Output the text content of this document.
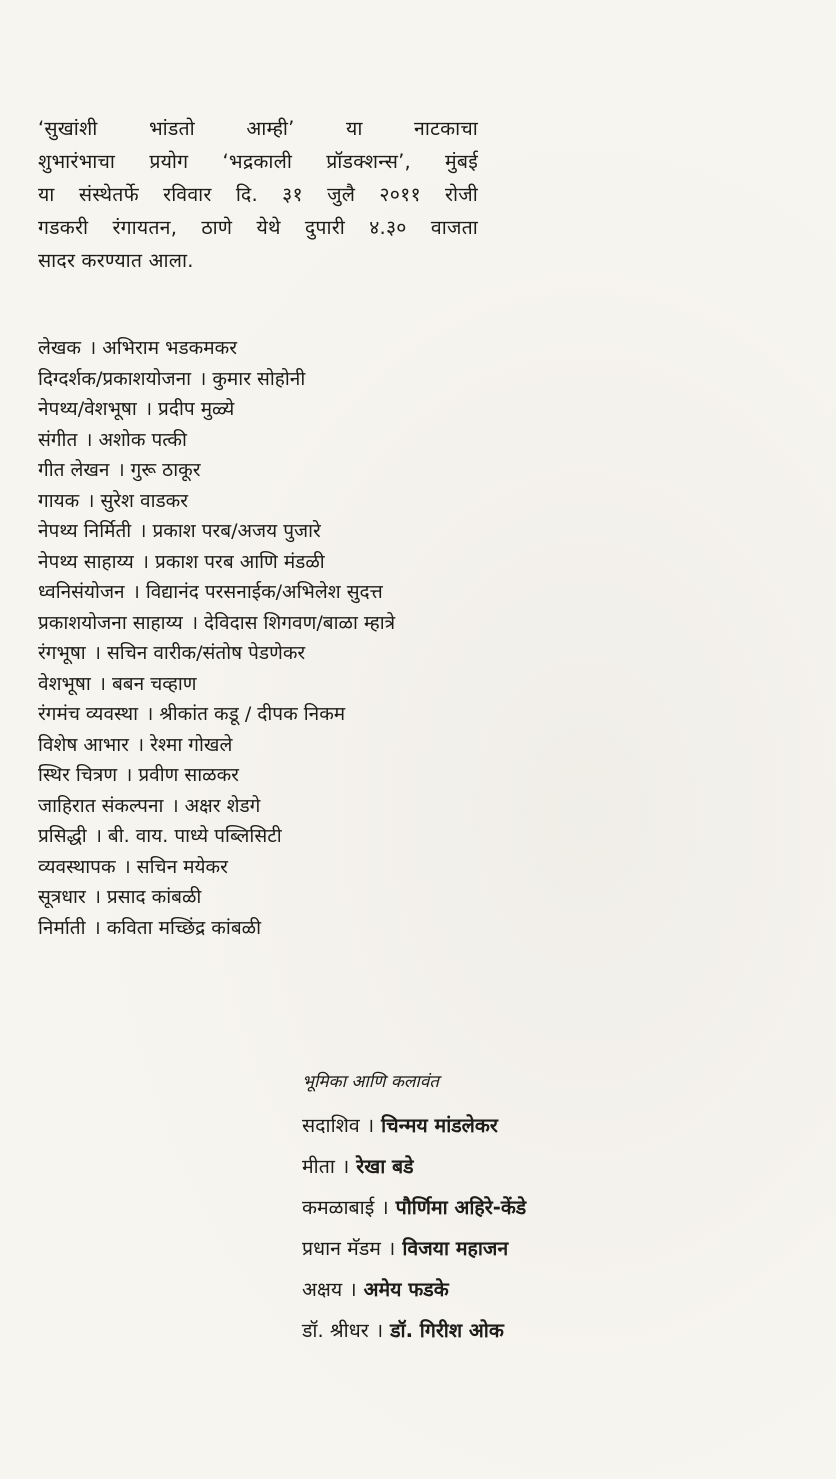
‘सुखांशी भांडतो आम्ही’ या नाटकाचा
शुभारंभाचा प्रयोग ‘भद्रकाली प्रॉडक्शन्स’, मुंबई
या संस्थेतर्फे रविवार दि. ३१ जुलै २०११ रोजी
गडकरी रंगायतन, ठाणे येथे दुपारी ४.३० वाजता
सादर करण्यात आला.
लेखक । अभिराम भडकमकर
दिग्दर्शक/प्रकाशयोजना । कुमार सोहोनी
नेपथ्य/वेशभूषा । प्रदीप मुळ्ये
संगीत । अशोक पत्की
गीत लेखन । गुरू ठाकूर
गायक । सुरेश वाडकर
नेपथ्य निर्मिती । प्रकाश परब/अजय पुजारे
नेपथ्य साहाय्य । प्रकाश परब आणि मंडळी
ध्वनिसंयोजन । विद्यानंद परसनाईक/अभिलेश सुदत्त
प्रकाशयोजना साहाय्य । देविदास शिगवण/बाळा म्हात्रे
रंगभूषा । सचिन वारीक/संतोष पेडणेकर
वेशभूषा । बबन चव्हाण
रंगमंच व्यवस्था । श्रीकांत कडू / दीपक निकम
विशेष आभार । रेश्मा गोखले
स्थिर चित्रण । प्रवीण साळकर
जाहिरात संकल्पना । अक्षर शेडगे
प्रसिद्धी । बी. वाय. पाध्ये पब्लिसिटी
व्यवस्थापक । सचिन मयेकर
सूत्रधार । प्रसाद कांबळी
निर्माती । कविता मच्छिंद्र कांबळी
भूमिका आणि कलावंत
सदाशिव । चिन्मय मांडलेकर
मीता । रेखा बडे
कमळाबाई । पौर्णिमा अहिरे-केंडे
प्रधान मॅडम । विजया महाजन
अक्षय । अमेय फडके
डॉ. श्रीधर । डॉ. गिरीश ओक
